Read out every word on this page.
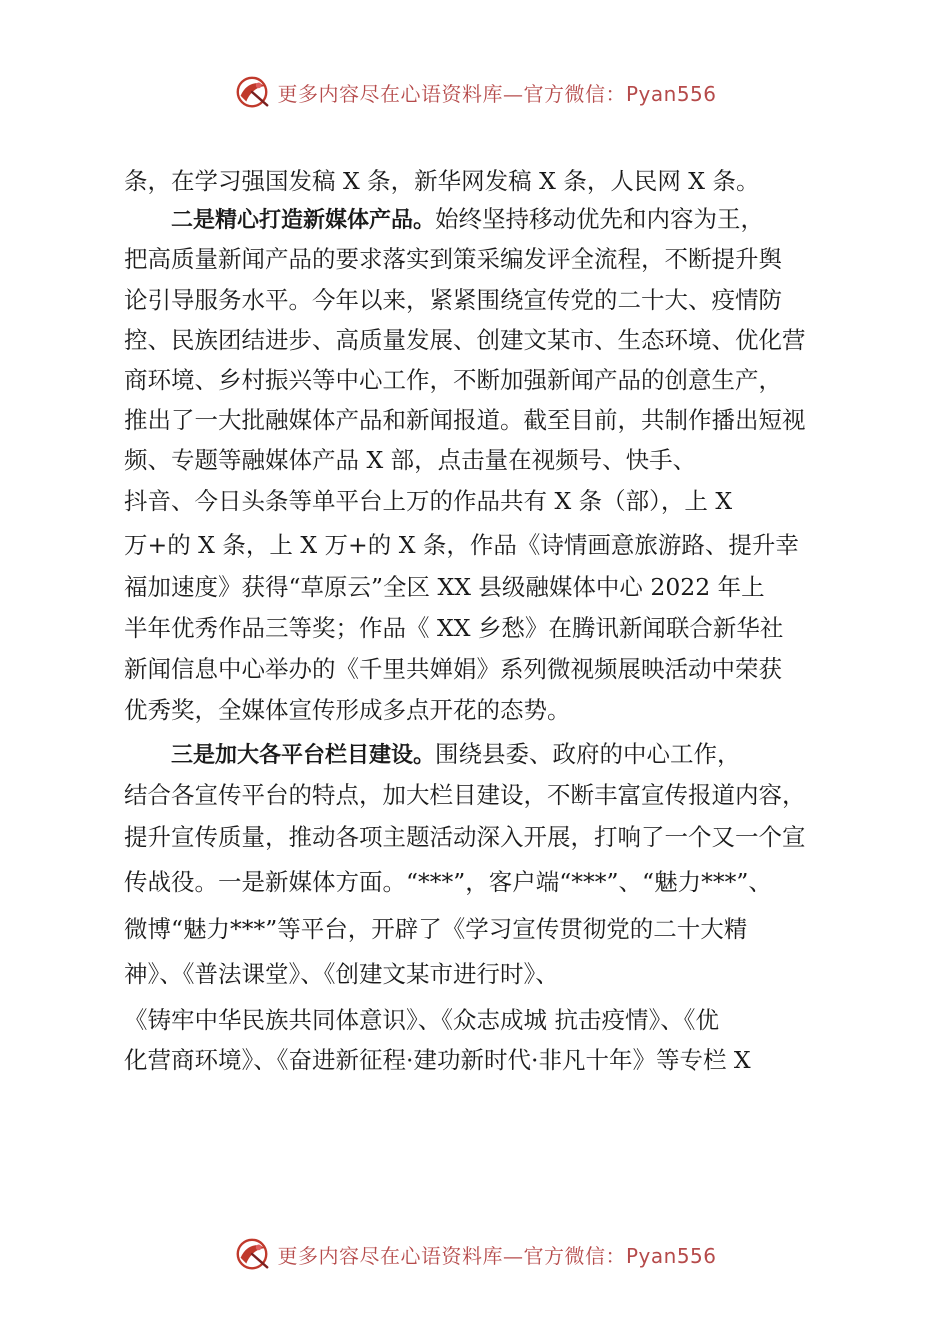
更多内容尽在心语资料库—官方微信：Pyan556
条，在学习强国发稿 X 条，新华网发稿 X 条，人民网 X 条。
二是精心打造新媒体产品。始终坚持移动优先和内容为王，
把高质量新闻产品的要求落实到策采编发评全流程，不断提升舆
论引导服务水平。今年以来，紧紧围绕宣传党的二十大、疫情防
控、民族团结进步、高质量发展、创建文某市、生态环境、优化营
商环境、乡村振兴等中心工作，不断加强新闻产品的创意生产，
推出了一大批融媒体产品和新闻报道。截至目前，共制作播出短视
频、专题等融媒体产品 X 部，点击量在视频号、快手、
抖音、今日头条等单平台上万的作品共有 X 条（部），上 X
万+的 X 条，上 X 万+的 X 条，作品《诗情画意旅游路、提升幸
福加速度》获得“草原云”全区 XX 县级融媒体中心 2022 年上
半年优秀作品三等奖；作品《 XX 乡愁》在腾讯新闻联合新华社
新闻信息中心举办的《千里共婵娟》系列微视频展映活动中荣获
优秀奖，全媒体宣传形成多点开花的态势。
三是加大各平台栏目建设。围绕县委、政府的中心工作，
结合各宣传平台的特点，加大栏目建设，不断丰富宣传报道内容，
提升宣传质量，推动各项主题活动深入开展，打响了一个又一个宣
传战役。一是新媒体方面。“***”，客户端“***”、“魅力***”、
微博“魅力***”等平台，开辟了《学习宣传贯彻党的二十大精
神》、《普法课堂》、《创建文某市进行时》、
《铸牢中华民族共同体意识》、《众志成城 抗击疫情》、《优
化营商环境》、《奋进新征程·建功新时代·非凡十年》等专栏 X
更多内容尽在心语资料库—官方微信：Pyan556
